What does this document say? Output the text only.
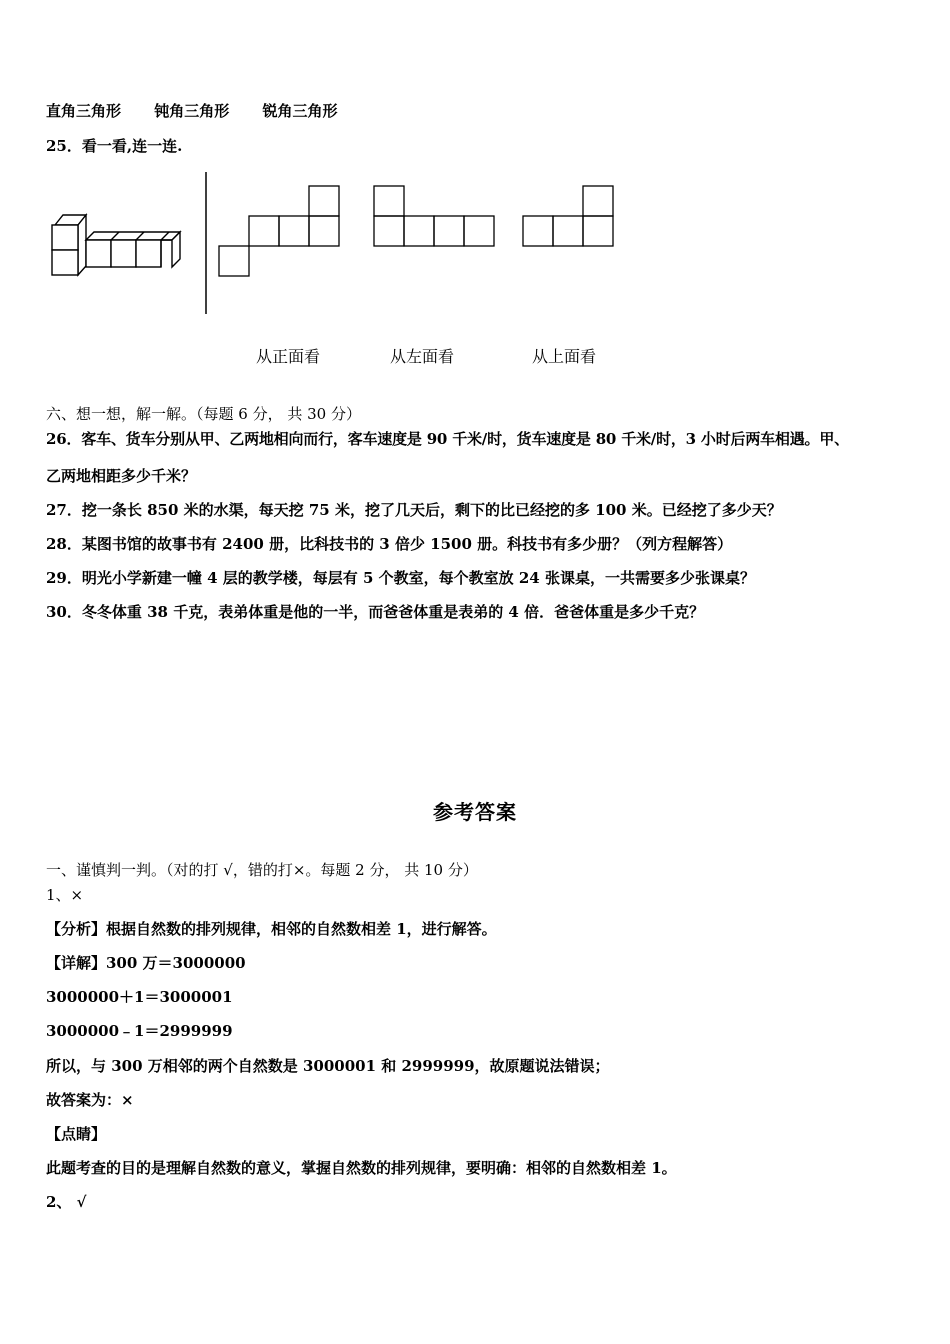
直角三角形 钝角三角形 锐角三角形
25．看一看,连一连.
从正面看	从左面看	从上面看
六、想一想，解一解。（每题 6 分， 共 30 分）
26．客车、货车分别从甲、乙两地相向而行，客车速度是 90 千米/时，货车速度是 80 千米/时，3 小时后两车相遇。甲、
乙两地相距多少千米？
27．挖一条长 850 米的水渠，每天挖 75 米，挖了几天后，剩下的比已经挖的多 100 米。已经挖了多少天？
28．某图书馆的故事书有 2400 册，比科技书的 3 倍少 1500 册。科技书有多少册？（列方程解答）
29．明光小学新建一幢 4 层的教学楼，每层有 5 个教室，每个教室放 24 张课桌，一共需要多少张课桌？
30．冬冬体重 38 千克，表弟体重是他的一半，而爸爸体重是表弟的 4 倍．爸爸体重是多少千克？
参考答案
一、谨慎判一判。（对的打 √，错的打×。每题 2 分， 共 10 分）
1、×
【分析】根据自然数的排列规律，相邻的自然数相差 1，进行解答。
【详解】300 万＝3000000
3000000＋1＝3000001
3000000﹣1＝2999999
所以，与 300 万相邻的两个自然数是 3000001 和 2999999，故原题说法错误；
故答案为：×
【点睛】
此题考查的目的是理解自然数的意义，掌握自然数的排列规律，要明确：相邻的自然数相差 1。
2、 √
